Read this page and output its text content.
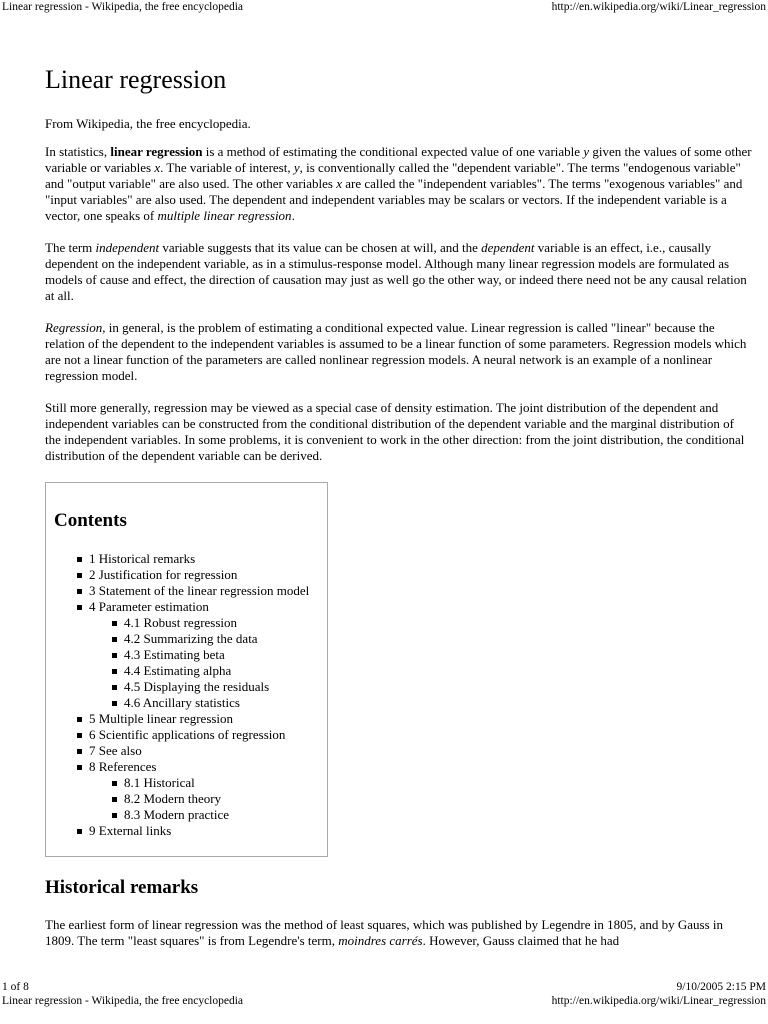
Linear regression - Wikipedia, the free encyclopedia	http://en.wikipedia.org/wiki/Linear_regression
Linear regression

From Wikipedia, the free encyclopedia.

In statistics, linear regression is a method of estimating the conditional expected value of one variable y given the values of some other variable or variables x. The variable of interest, y, is conventionally called the "dependent variable". The terms "endogenous variable" and "output variable" are also used. The other variables x are called the "independent variables". The terms "exogenous variables" and "input variables" are also used. The dependent and independent variables may be scalars or vectors. If the independent variable is a vector, one speaks of multiple linear regression.

The term independent variable suggests that its value can be chosen at will, and the dependent variable is an effect, i.e., causally dependent on the independent variable, as in a stimulus-response model. Although many linear regression models are formulated as models of cause and effect, the direction of causation may just as well go the other way, or indeed there need not be any causal relation at all.

Regression, in general, is the problem of estimating a conditional expected value. Linear regression is called "linear" because the relation of the dependent to the independent variables is assumed to be a linear function of some parameters. Regression models which are not a linear function of the parameters are called nonlinear regression models. A neural network is an example of a nonlinear regression model.

Still more generally, regression may be viewed as a special case of density estimation. The joint distribution of the dependent and independent variables can be constructed from the conditional distribution of the dependent variable and the marginal distribution of the independent variables. In some problems, it is convenient to work in the other direction: from the joint distribution, the conditional distribution of the dependent variable can be derived.

Contents
1 Historical remarks
2 Justification for regression
3 Statement of the linear regression model
4 Parameter estimation
4.1 Robust regression
4.2 Summarizing the data
4.3 Estimating beta
4.4 Estimating alpha
4.5 Displaying the residuals
4.6 Ancillary statistics
5 Multiple linear regression
6 Scientific applications of regression
7 See also
8 References
8.1 Historical
8.2 Modern theory
8.3 Modern practice
9 External links
Historical remarks

The earliest form of linear regression was the method of least squares, which was published by Legendre in 1805, and by Gauss in 1809. The term "least squares" is from Legendre's term, moindres carrés. However, Gauss claimed that he had

1 of 8	9/10/2005 2:15 PM
Linear regression - Wikipedia, the free encyclopedia	http://en.wikipedia.org/wiki/Linear_regression
